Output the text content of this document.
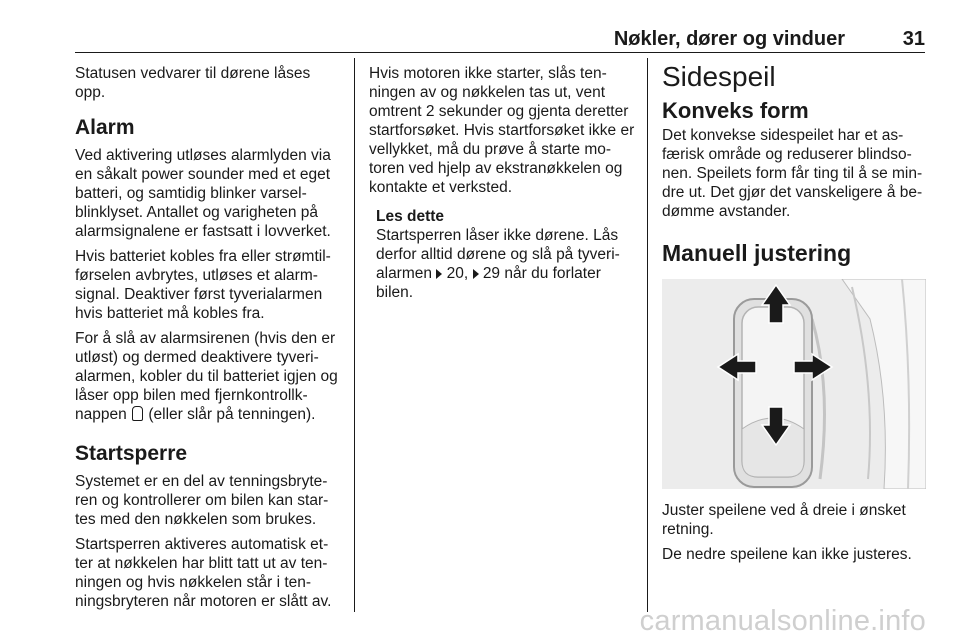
Nøkler, dører og vinduer	31

Statusen vedvarer til dørene låses opp.

Alarm

Ved aktivering utløses alarmlyden via en såkalt power sounder med et eget batteri, og samtidig blinker varselblinklyset. Antallet og varigheten på alarmsignalene er fastsatt i lovverket.

Hvis batteriet kobles fra eller strømtilførselen avbrytes, utløses et alarmsignal. Deaktiver først tyverialarmen hvis batteriet må kobles fra.

For å slå av alarmsirenen (hvis den er utløst) og dermed deaktivere tyverialarmen, kobler du til batteriet igjen og låser opp bilen med fjernkontrollknappen  (eller slår på tenningen).

Startsperre

Systemet er en del av tenningsbryteren og kontrollerer om bilen kan startes med den nøkkelen som brukes.

Startsperren aktiveres automatisk etter at nøkkelen har blitt tatt ut av tenningen og hvis nøkkelen står i tenningsbryteren når motoren er slått av.

Hvis motoren ikke starter, slås tenningen av og nøkkelen tas ut, vent omtrent 2 sekunder og gjenta deretter startforsøket. Hvis startforsøket ikke er vellykket, må du prøve å starte motoren ved hjelp av ekstranøkkelen og kontakte et verksted.

Les dette

Startsperren låser ikke dørene. Lås derfor alltid dørene og slå på tyverialarmen  20,  29 når du forlater bilen.

Sidespeil
Konveks form

Det konvekse sidespeilet har et asfærisk område og reduserer blindsonen. Speilets form får ting til å se mindre ut. Det gjør det vanskeligere å bedømme avstander.

Manuell justering

Juster speilene ved å dreie i ønsket retning.

De nedre speilene kan ikke justeres.

carmanualsonline.info
